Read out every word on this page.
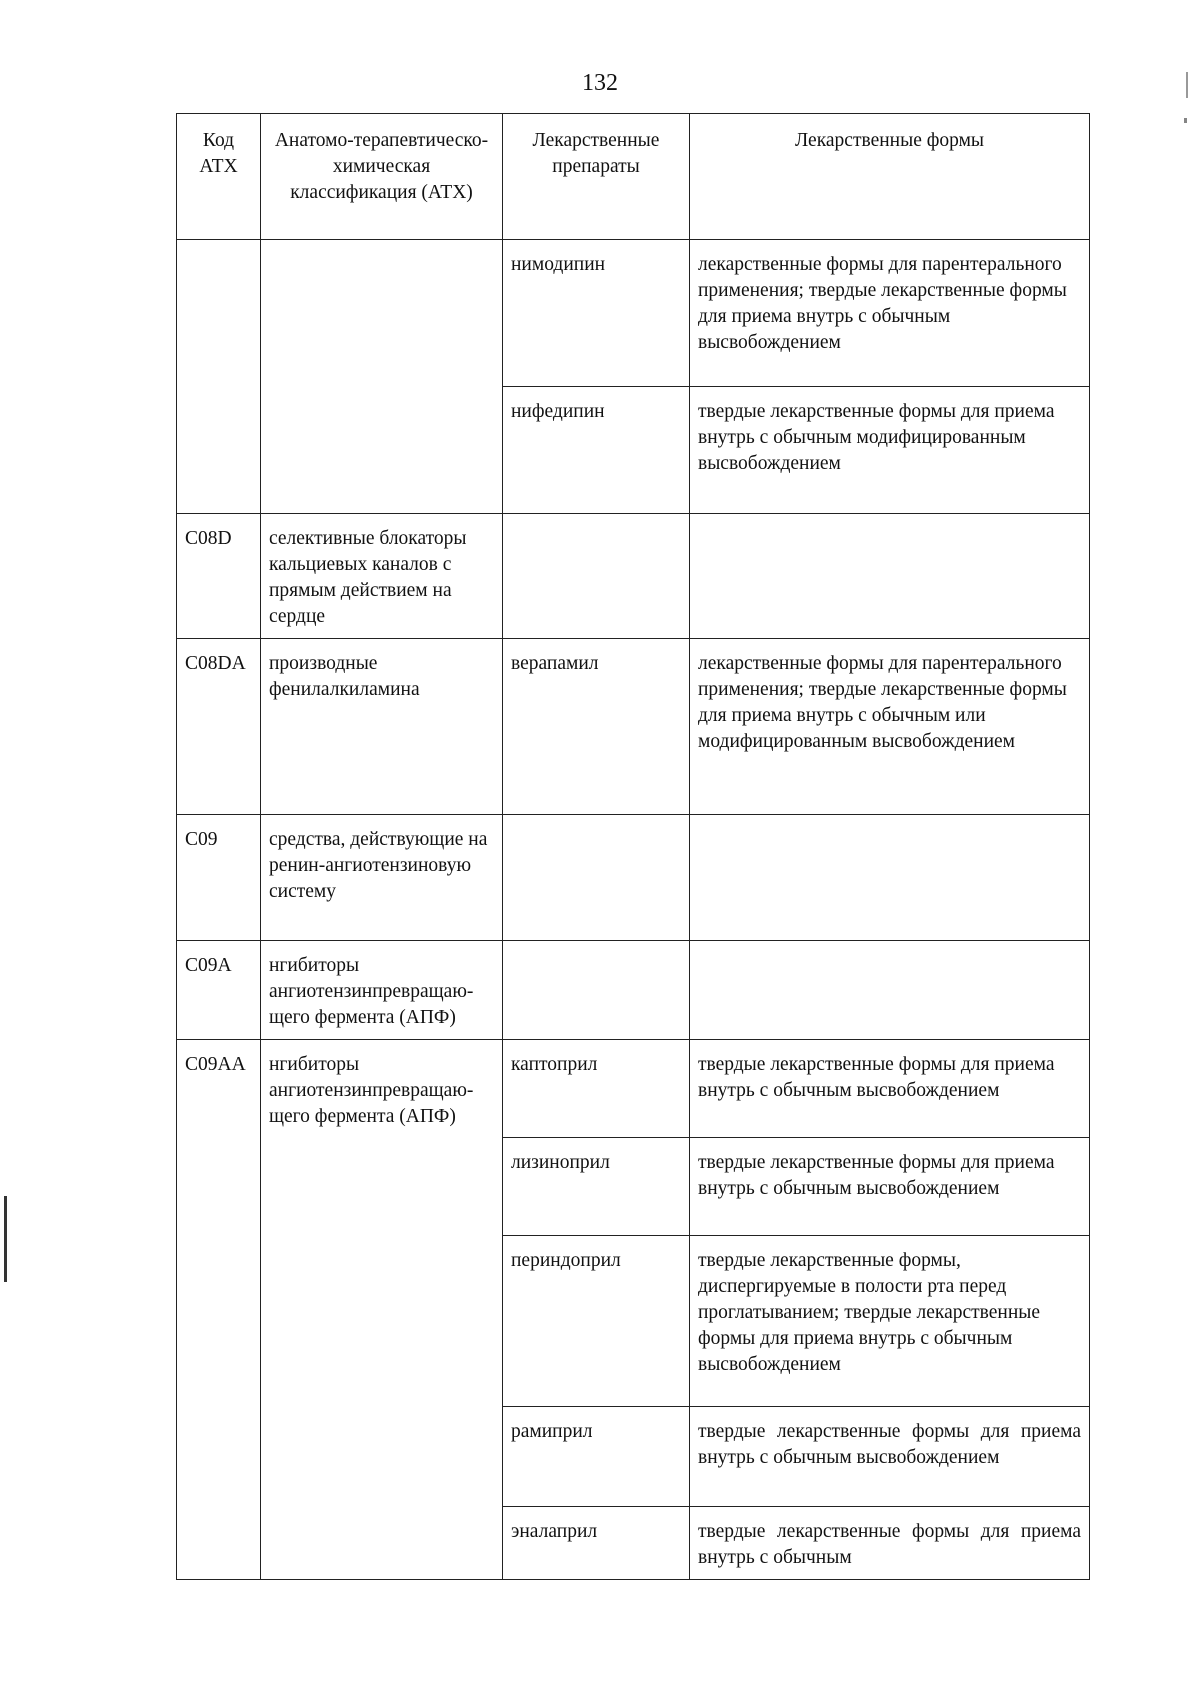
132
Код АТХ	Анатомо-терапевтическо-химическая классификация (АТХ)	Лекарственные препараты	Лекарственные формы
		нимодипин	лекарственные формы для парентерального применения; твердые лекарственные формы для приема внутрь с обычным высвобождением
		нифедипин	твердые лекарственные формы для приема внутрь с обычным модифицированным высвобождением
C08D	селективные блокаторы кальциевых каналов с прямым действием на сердце		
C08DA	производные фенилалкиламина	верапамил	лекарственные формы для парентерального применения; твердые лекарственные формы для приема внутрь с обычным или модифицированным высвобождением
C09	средства, действующие на ренин-ангиотензиновую систему		
C09A	нгибиторы ангиотензинпревращаю-щего фермента (АПФ)		
C09AA	нгибиторы ангиотензинпревращаю-щего фермента (АПФ)	каптоприл	твердые лекарственные формы для приема внутрь с обычным высвобождением
		лизиноприл	твердые лекарственные формы для приема внутрь с обычным высвобождением
		периндоприл	твердые лекарственные формы, диспергируемые в полости рта перед проглатыванием; твердые лекарственные формы для приема внутрь с обычным высвобождением
		рамиприл	твердые лекарственные формы для приема внутрь с обычным высвобождением
		эналаприл	твердые лекарственные формы для приема внутрь с обычным
